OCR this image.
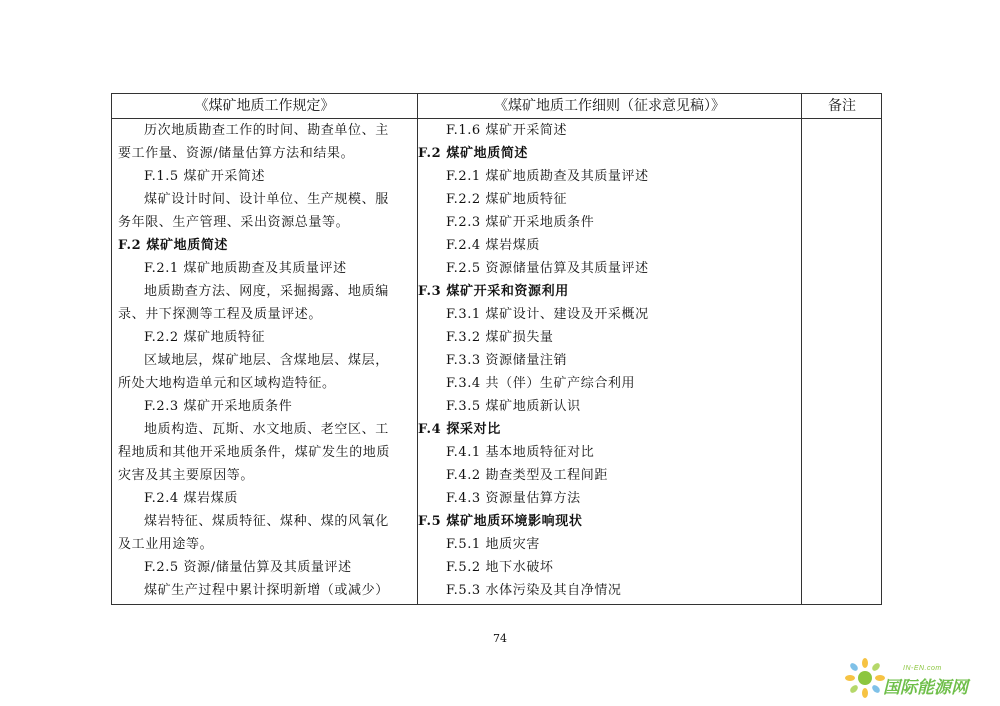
《煤矿地质工作规定》	《煤矿地质工作细则（征求意见稿）》	备注
历次地质勘查工作的时间、勘查单位、主
要工作量、资源/储量估算方法和结果。
F.1.5 煤矿开采简述
煤矿设计时间、设计单位、生产规模、服
务年限、生产管理、采出资源总量等。
F.2 煤矿地质简述
F.2.1 煤矿地质勘查及其质量评述
地质勘查方法、网度，采掘揭露、地质编
录、井下探测等工程及质量评述。
F.2.2 煤矿地质特征
区域地层，煤矿地层、含煤地层、煤层，
所处大地构造单元和区域构造特征。
F.2.3 煤矿开采地质条件
地质构造、瓦斯、水文地质、老空区、工
程地质和其他开采地质条件，煤矿发生的地质
灾害及其主要原因等。
F.2.4 煤岩煤质
煤岩特征、煤质特征、煤种、煤的风氧化
及工业用途等。
F.2.5 资源/储量估算及其质量评述
煤矿生产过程中累计探明新增（或减少）
F.1.6 煤矿开采简述
F.2 煤矿地质简述
F.2.1 煤矿地质勘查及其质量评述
F.2.2 煤矿地质特征
F.2.3 煤矿开采地质条件
F.2.4 煤岩煤质
F.2.5 资源储量估算及其质量评述
F.3 煤矿开采和资源利用
F.3.1 煤矿设计、建设及开采概况
F.3.2 煤矿损失量
F.3.3 资源储量注销
F.3.4 共（伴）生矿产综合利用
F.3.5 煤矿地质新认识
F.4 探采对比
F.4.1 基本地质特征对比
F.4.2 勘查类型及工程间距
F.4.3 资源量估算方法
F.5 煤矿地质环境影响现状
F.5.1 地质灾害
F.5.2 地下水破坏
F.5.3 水体污染及其自净情况
74
IN-EN.com
国际能源网
